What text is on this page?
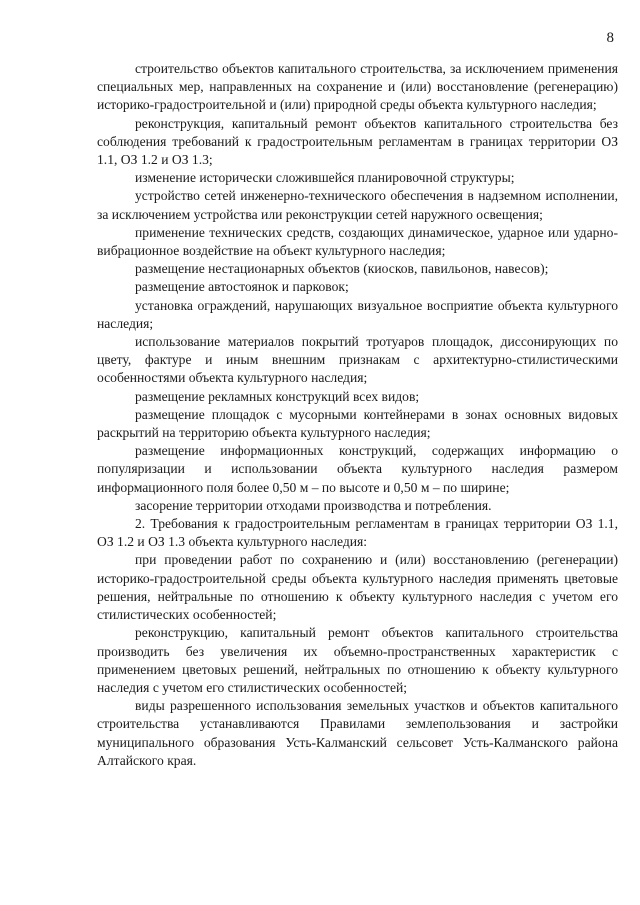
8

строительство объектов капитального строительства, за исключением применения специальных мер, направленных на сохранение и (или) восстановление (регенерацию) историко-градостроительной и (или) природной среды объекта культурного наследия;

реконструкция, капитальный ремонт объектов капитального строительства без соблюдения требований к градостроительным регламентам в границах территории ОЗ 1.1, ОЗ 1.2 и ОЗ 1.3;

изменение исторически сложившейся планировочной структуры;

устройство сетей инженерно-технического обеспечения в надземном исполнении, за исключением устройства или реконструкции сетей наружного освещения;

применение технических средств, создающих динамическое, ударное или ударно-вибрационное воздействие на объект культурного наследия;

размещение нестационарных объектов (киосков, павильонов, навесов);

размещение автостоянок и парковок;

установка ограждений, нарушающих визуальное восприятие объекта культурного наследия;

использование материалов покрытий тротуаров площадок, диссонирующих по цвету, фактуре и иным внешним признакам с архитектурно-стилистическими особенностями объекта культурного наследия;

размещение рекламных конструкций всех видов;

размещение площадок с мусорными контейнерами в зонах основных видовых раскрытий на территорию объекта культурного наследия;

размещение информационных конструкций, содержащих информацию о популяризации и использовании объекта культурного наследия размером информационного поля более 0,50 м – по высоте и 0,50 м – по ширине;

засорение территории отходами производства и потребления.

2. Требования к градостроительным регламентам в границах территории ОЗ 1.1, ОЗ 1.2 и ОЗ 1.3 объекта культурного наследия:

при проведении работ по сохранению и (или) восстановлению (регенерации) историко-градостроительной среды объекта культурного наследия применять цветовые решения, нейтральные по отношению к объекту культурного наследия с учетом его стилистических особенностей;

реконструкцию, капитальный ремонт объектов капитального строительства производить без увеличения их объемно-пространственных характеристик с применением цветовых решений, нейтральных по отношению к объекту культурного наследия с учетом его стилистических особенностей;

виды разрешенного использования земельных участков и объектов капитального строительства устанавливаются Правилами землепользования и застройки муниципального образования Усть-Калманский сельсовет Усть-Калманского района Алтайского края.
